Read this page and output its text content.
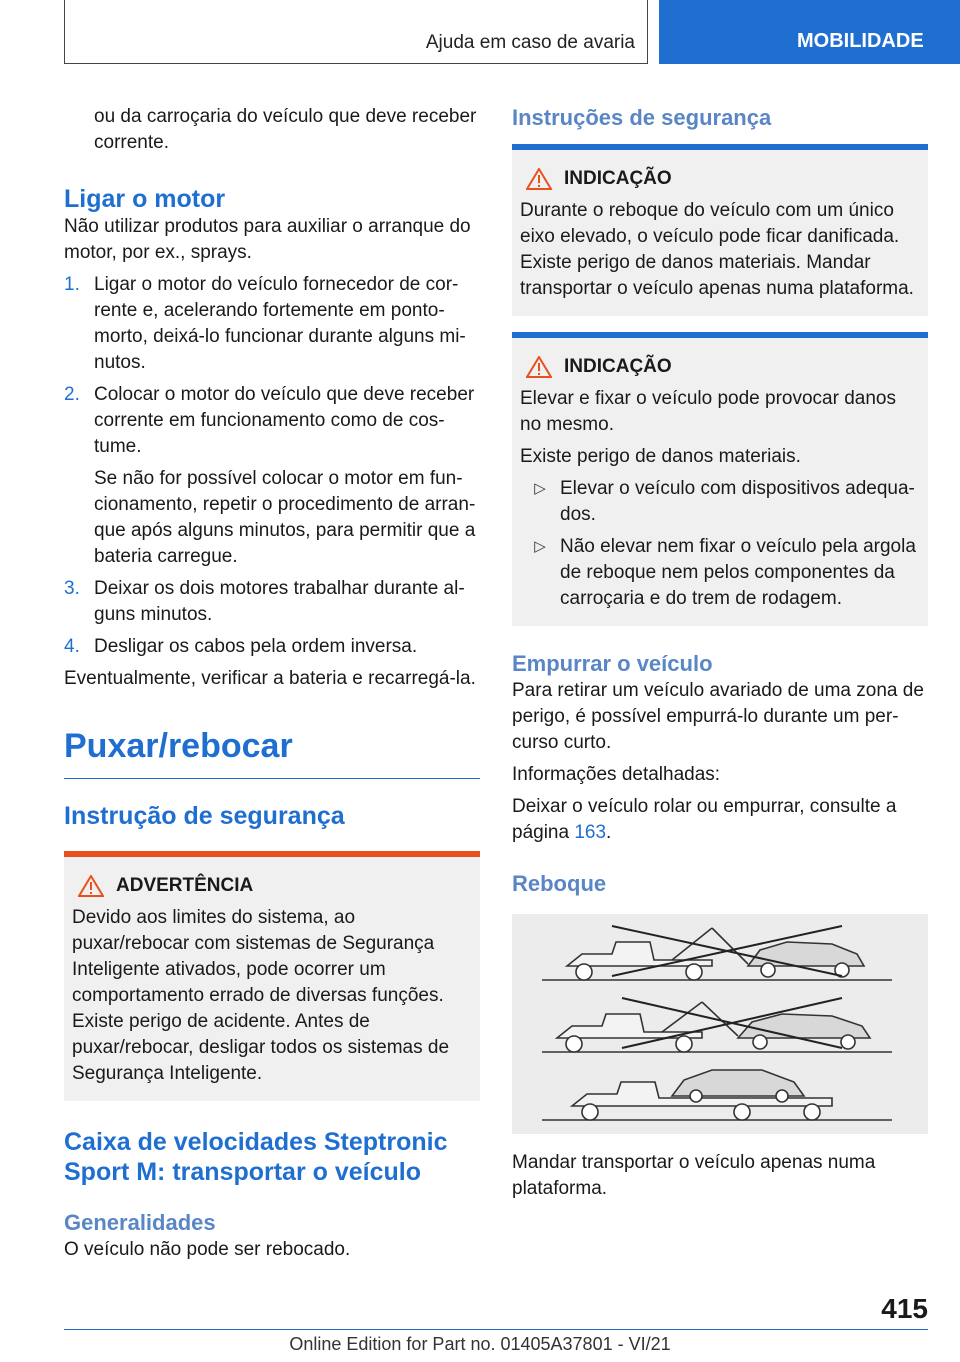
Ajuda em caso de avaria	MOBILIDADE

ou da carroçaria do veículo que deve receber corrente.

Ligar o motor

Não utilizar produtos para auxiliar o arranque do motor, por ex., sprays.

1. Ligar o motor do veículo fornecedor de corrente e, acelerando fortemente em ponto-morto, deixá-lo funcionar durante alguns minutos.
2. Colocar o motor do veículo que deve receber corrente em funcionamento como de costume.

Se não for possível colocar o motor em funcionamento, repetir o procedimento de arranque após alguns minutos, para permitir que a bateria carregue.

3. Deixar os dois motores trabalhar durante alguns minutos.
4. Desligar os cabos pela ordem inversa.

Eventualmente, verificar a bateria e recarregá-la.

Puxar/rebocar
Instrução de segurança
ADVERTÊNCIA

Devido aos limites do sistema, ao puxar/rebocar com sistemas de Segurança Inteligente ativados, pode ocorrer um comportamento errado de diversas funções. Existe perigo de acidente. Antes de puxar/rebocar, desligar todos os sistemas de Segurança Inteligente.

Caixa de velocidades Steptronic Sport M: transportar o veículo
Generalidades

O veículo não pode ser rebocado.

Instruções de segurança
INDICAÇÃO

Durante o reboque do veículo com um único eixo elevado, o veículo pode ficar danificada. Existe perigo de danos materiais. Mandar transportar o veículo apenas numa plataforma.

INDICAÇÃO

Elevar e fixar o veículo pode provocar danos no mesmo.

Existe perigo de danos materiais.

▷ Elevar o veículo com dispositivos adequados.
▷ Não elevar nem fixar o veículo pela argola de reboque nem pelos componentes da carroçaria e do trem de rodagem.
Empurrar o veículo

Para retirar um veículo avariado de uma zona de perigo, é possível empurrá-lo durante um percurso curto.

Informações detalhadas:

Deixar o veículo rolar ou empurrar, consulte a página 163.

Reboque

Mandar transportar o veículo apenas numa plataforma.

415
Online Edition for Part no. 01405A37801 - VI/21
